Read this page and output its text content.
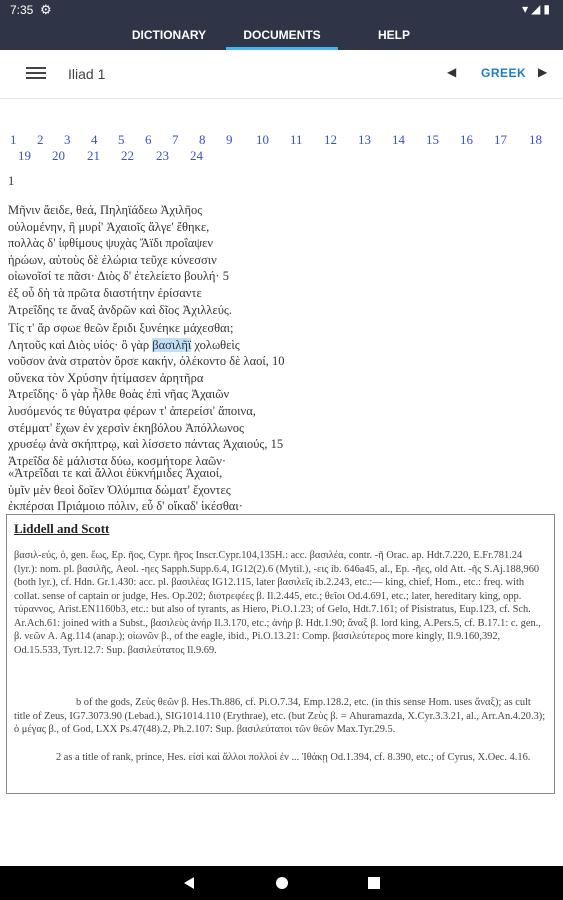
7:35 ⚙	▾◢▮
DICTIONARY	DOCUMENTS	HELP
Iliad 1	◀ GREEK ▶
1 2 3 4 5 6 7 8 9 10 11 12 13 14 15 16 17 18
19 20 21 22 23 24
1
Μῆνιν ἄειδε, θεά, Πηληϊάδεω Ἀχιλῆος
οὐλομένην, ἣ μυρί' Ἀχαιοῖς ἄλγε' ἔθηκε,
πολλὰς δ' ἰφθίμους ψυχὰς Ἄϊδι προΐαψεν
ἡρώων, αὐτοὺς δὲ ἑλώρια τεῦχε κύνεσσιν
οἰωνοῖσί τε πᾶσι· Διὸς δ' ἐτελείετο βουλή· 5
ἐξ οὗ δὴ τὰ πρῶτα διαστήτην ἐρίσαντε
Ἀτρεΐδης τε ἄναξ ἀνδρῶν καὶ δῖος Ἀχιλλεύς.
Τίς τ' ἄρ σφωε θεῶν ἔριδι ξυνέηκε μάχεσθαι;
Λητοῦς καὶ Διὸς υἱός· ὃ γὰρ βασιλῆϊ χολωθεὶς
νοῦσον ἀνὰ στρατὸν ὄρσε κακήν, ὀλέκοντο δὲ λαοί, 10
οὕνεκα τὸν Χρύσην ἠτίμασεν ἀρητῆρα
Ἀτρεΐδης· ὃ γὰρ ἦλθε θοὰς ἐπὶ νῆας Ἀχαιῶν
λυσόμενός τε θύγατρα φέρων τ' ἀπερείσι' ἄποινα,
στέμματ' ἔχων ἐν χερσὶν ἑκηβόλου Ἀπόλλωνος
χρυσέῳ ἀνὰ σκήπτρῳ, καὶ λίσσετο πάντας Ἀχαιούς, 15
Ἀτρεΐδα δὲ μάλιστα δύω, κοσμήτορε λαῶν·
«Ἀτρεΐδαι τε καὶ ἄλλοι ἐϋκνήμιδες Ἀχαιοί,
ὑμῖν μὲν θεοὶ δοῖεν Ὀλύμπια δώματ' ἔχοντες
ἐκπέρσαι Πριάμοιο πόλιν, εὖ δ' οἴκαδ' ἱκέσθαι·
Liddell and Scott
βασιλ-εύς, ὁ, gen. ἔως, Ep. ῆος, Cypr. ῆϝος Inscr.Cypr.104,135H.: acc. βασιλέα, contr. -ῆ Orac. ap. Hdt.7.220, E.Fr.781.24 (lyr.): nom. pl. βασιλῆς, Aeol. -ηες Sapph.Supp.6.4, IG12(2).6 (Mytil.), -εις ib. 646a45, al., Ep. -ῆες, old Att. -ῆς S.Aj.188,960 (both lyr.), cf. Hdn. Gr.1.430: acc. pl. βασιλέας IG12.115, later βασιλεῖς ib.2.243, etc.:— king, chief, Hom., etc.: freq. with collat. sense of captain or judge, Hes. Op.202; διοτρεφέες β. Il.2.445, etc.; θεῖοι Od.4.691, etc.; later, hereditary king, opp. τύραννος, Arist.EN1160b3, etc.: but also of tyrants, as Hiero, Pi.O.1.23; of Gelo, Hdt.7.161; of Pisistratus, Eup.123, cf. Sch. Ar.Ach.61: joined with a Subst., βασιλεὺς ἀνήρ Il.3.170, etc.; ἀνὴρ β. Hdt.1.90; ἄναξ β. lord king, A.Pers.5, cf. B.17.1: c. gen., β. νεῶν A. Ag.114 (anap.); οἰωνῶν β., of the eagle, ibid., Pi.O.13.21: Comp. βασιλεύτερος more kingly, Il.9.160,392, Od.15.533, Tyrt.12.7: Sup. βασιλεύτατος Il.9.69.
b of the gods, Ζεὺς θεῶν β. Hes.Th.886, cf. Pi.O.7.34, Emp.128.2, etc. (in this sense Hom. uses ἄναξ); as cult title of Zeus, IG7.3073.90 (Lebad.), SIG1014.110 (Erythrae), etc. (but Ζεὺς β. = Ahuramazda, X.Cyr.3.3.21, al., Arr.An.4.20.3); ὁ μέγας β., of God, LXX Ps.47(48).2, Ph.2.107: Sup. βασιλεύτατοι τῶν θεῶν Max.Tyr.29.5.
2 as a title of rank, prince, Hes. εἰσὶ καὶ ἄλλοι πολλοὶ ἐν ... Ἰθάκῃ Od.1.394, cf. 8.390, etc.; of Cyrus, X.Oec. 4.16.
